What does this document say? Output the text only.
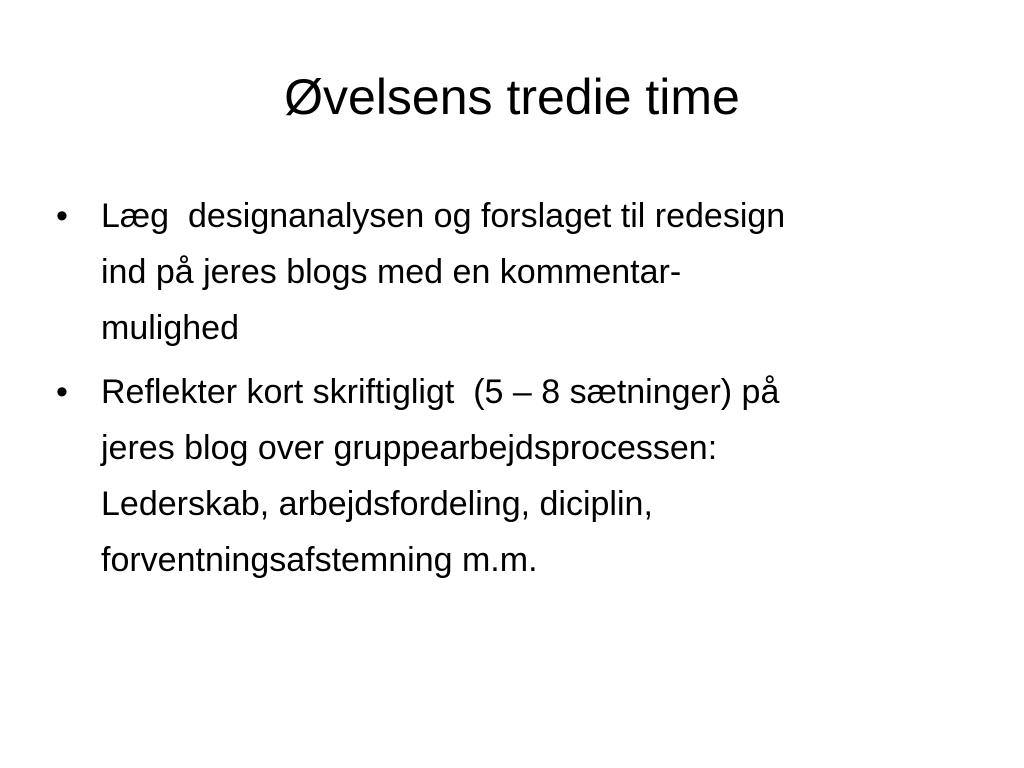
Øvelsens tredie time
• Læg  designanalysen og forslaget til redesign
ind på jeres blogs med en kommentar-
mulighed
• Reflekter kort skriftigligt  (5 – 8 sætninger) på
jeres blog over gruppearbejdsprocessen:
Lederskab, arbejdsfordeling, diciplin,
forventningsafstemning m.m.
